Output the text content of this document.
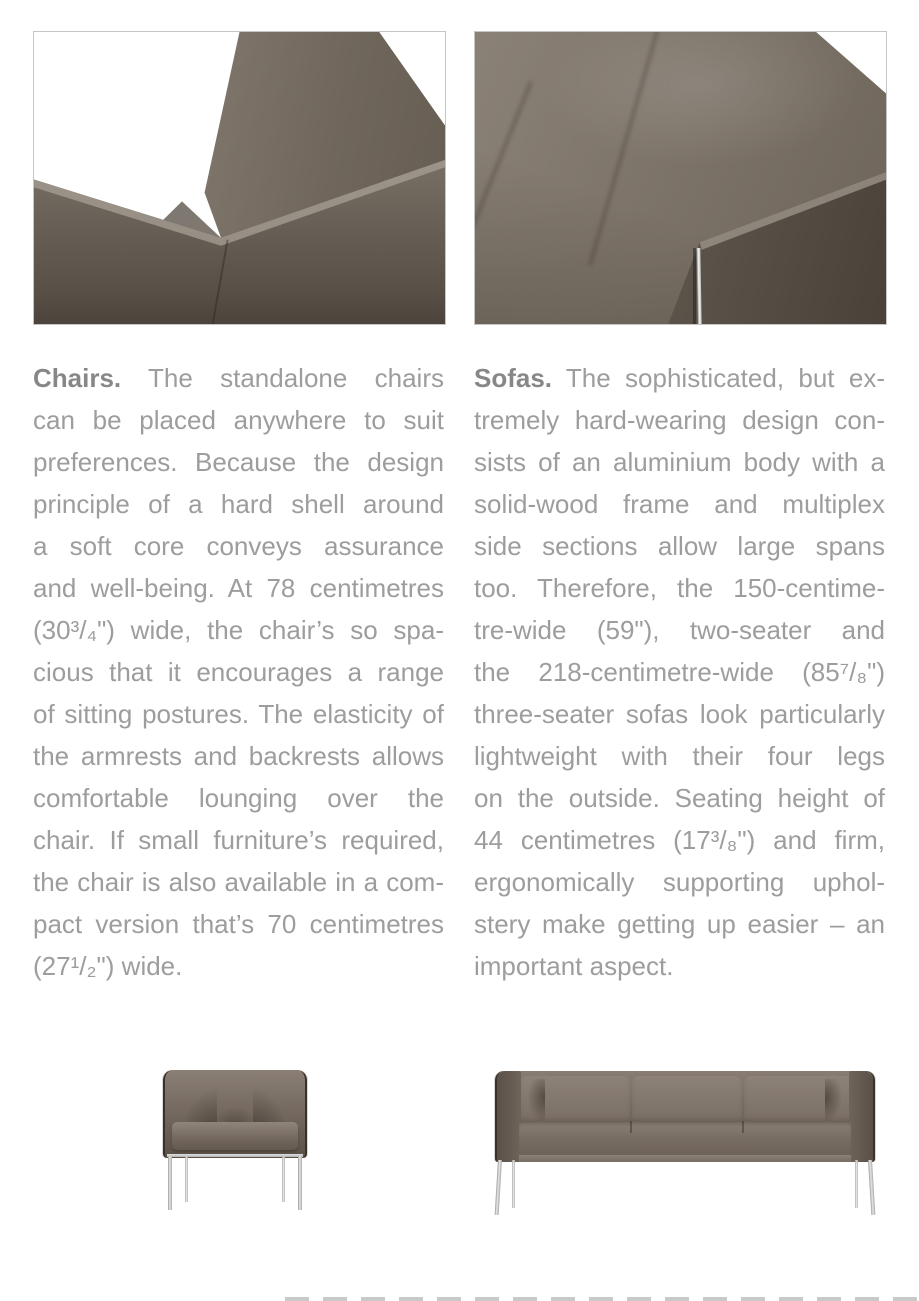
Chairs. The standalone chairs
can be placed anywhere to suit
preferences. Because the design
principle of a hard shell around
a soft core conveys assurance
and well-being. At 78 centimetres
(30³/₄") wide, the chair’s so spa-
cious that it encourages a range
of sitting postures. The elasticity of
the armrests and backrests allows
comfortable lounging over the
chair. If small furniture’s required,
the chair is also available in a com-
pact version that’s 70 centimetres
(27¹/₂") wide.
Sofas. The sophisticated, but ex-
tremely hard-wearing design con-
sists of an aluminium body with a
solid-wood frame and multiplex
side sections allow large spans
too. Therefore, the 150-centime-
tre-wide (59"), two-seater and
the 218-centimetre-wide (85⁷/₈")
three-seater sofas look particularly
lightweight with their four legs
on the outside. Seating height of
44 centimetres (17³/₈") and firm,
ergonomically supporting uphol-
stery make getting up easier – an
important aspect.
